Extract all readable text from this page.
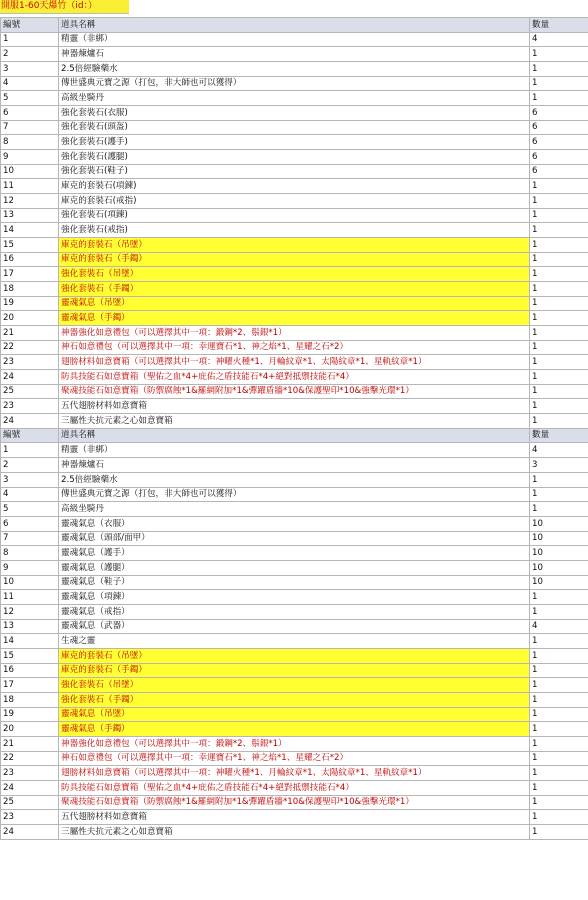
開服1-60天爆竹（id：）
編號	道具名稱	數量
1	精靈（非綁）	4
2	神器煉爐石	1
3	2.5倍經驗藥水	1
4	傳世盛典元寶之源（打包，非大師也可以獲得）	1
5	高級坐騎丹	1
6	強化套裝石(衣服)	6
7	強化套裝石(頭盔)	6
8	強化套裝石(護手)	6
9	強化套裝石(護腿)	6
10	強化套裝石(鞋子)	6
11	庫克的套裝石(項鍊)	1
12	庫克的套裝石(戒指)	1
13	強化套裝石(項鍊)	1
14	強化套裝石(戒指)	1
15	庫克的套裝石（吊墜）	1
16	庫克的套裝石（手鐲）	1
17	強化套裝石（吊墜）	1
18	強化套裝石（手鐲）	1
19	靈魂氣息（吊墜）	1
20	靈魂氣息（手鐲）	1
21	神器強化如意禮包（可以選擇其中一項：鍛鋼*2、鬃銀*1）	1
22	神石如意禮包（可以選擇其中一項：幸運寶石*1、神之焰*1、星耀之石*2）	1
23	翅膀材料如意寶箱（可以選擇其中一項：神曜火種*1、月輪紋章*1、太陽紋章*1、星軌紋章*1）	1
24	防具技能石如意寶箱（聖佑之血*4+庇佑之盾技能石*4+絕對抵禦技能石*4）	1
25	聚魂技能石如意寶箱（防禦腐蝕*1&羅網附加*1&彈躍盾牆*10&保護聖印*10&強擊光環*1）	1
23	五代翅膀材料如意寶箱	1
24	三屬性夫抗元素之心如意寶箱	1
編號	道具名稱	數量
1	精靈（非綁）	4
2	神器煉爐石	3
3	2.5倍經驗藥水	1
4	傳世盛典元寶之源（打包，非大師也可以獲得）	1
5	高級坐騎丹	1
6	靈魂氣息（衣服）	10
7	靈魂氣息（頭部/面甲）	10
8	靈魂氣息（護手）	10
9	靈魂氣息（護腿）	10
10	靈魂氣息（鞋子）	10
11	靈魂氣息（項鍊）	1
12	靈魂氣息（戒指）	1
13	靈魂氣息（武器）	4
14	生魂之靈	1
15	庫克的套裝石（吊墜）	1
16	庫克的套裝石（手鐲）	1
17	強化套裝石（吊墜）	1
18	強化套裝石（手鐲）	1
19	靈魂氣息（吊墜）	1
20	靈魂氣息（手鐲）	1
21	神器強化如意禮包（可以選擇其中一項：鍛鋼*2、鬃銀*1）	1
22	神石如意禮包（可以選擇其中一項：幸運寶石*1、神之焰*1、星耀之石*2）	1
23	翅膀材料如意寶箱（可以選擇其中一項：神曜火種*1、月輪紋章*1、太陽紋章*1、星軌紋章*1）	1
24	防具技能石如意寶箱（聖佑之血*4+庇佑之盾技能石*4+絕對抵禦技能石*4）	1
25	聚魂技能石如意寶箱（防禦腐蝕*1&羅網附加*1&彈躍盾牆*10&保護聖印*10&強擊光環*1）	1
23	五代翅膀材料如意寶箱	1
24	三屬性夫抗元素之心如意寶箱	1
